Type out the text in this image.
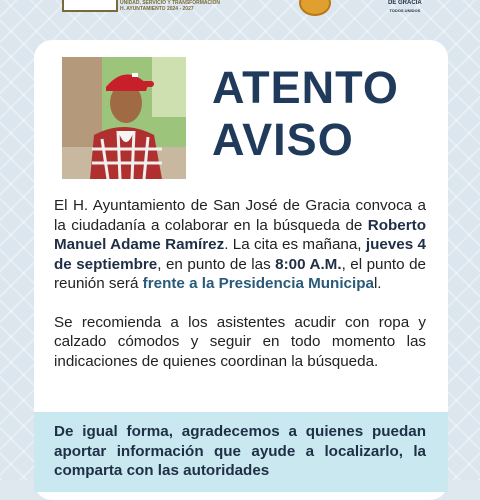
UNIDAD, SERVICIO Y TRANSFORMACIÓN
H. AYUNTAMIENTO 2024 - 2027
DE GRACIA
TODOS UNIDOS
ATENTO
AVISO

El H. Ayuntamiento de San José de Gracia convoca a la ciudadanía a colaborar en la búsqueda de Roberto Manuel Adame Ramírez. La cita es mañana, jueves 4 de septiembre, en punto de las 8:00 A.M., el punto de reunión será frente a la Presidencia Municipal.

Se recomienda a los asistentes acudir con ropa y calzado cómodos y seguir en todo momento las indicaciones de quienes coordinan la búsqueda.

De igual forma, agradecemos a quienes puedan aportar información que ayude a localizarlo, la comparta con las autoridades
